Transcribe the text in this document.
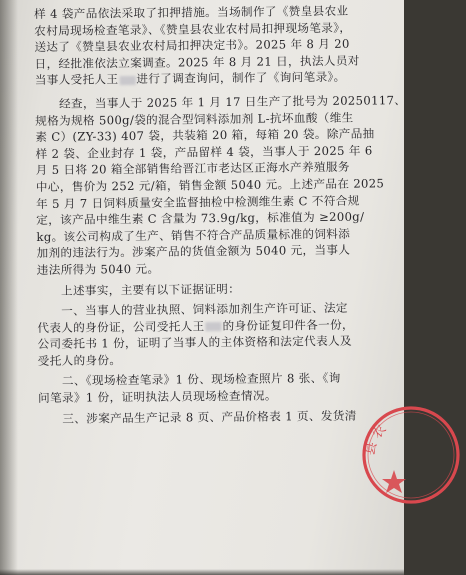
样 4 袋产品依法采取了扣押措施。当场制作了《赞皇县农业
农村局现场检查笔录》、《赞皇县农业农村局扣押现场笔录》，
送达了《赞皇县农业农村局扣押决定书》。2025 年 8 月 20
日，经批准依法立案调查。2025 年 8 月 21 日，执法人员对
当事人受托人王 进行了调查询问，制作了《询问笔录》。
经查，当事人于 2025 年 1 月 17 日生产了批号为 20250117、
规格为规格 500g/袋的混合型饲料添加剂 L-抗坏血酸（维生
素 C）(ZY-33) 407 袋，共装箱 20 箱，每箱 20 袋。除产品抽
样 2 袋、企业封存 1 袋，产品留样 4 袋，当事人于 2025 年 6
月 5 日将 20 箱全部销售给晋江市老达区正海水产养殖服务
中心，售价为 252 元/箱，销售金额 5040 元。上述产品在 2025
年 5 月 7 日饲料质量安全监督抽检中检测维生素 C 不符合规
定，该产品中维生素 C 含量为 73.9g/kg，标准值为 ≥200g/
kg。该公司构成了生产、销售不符合产品质量标准的饲料添
加剂的违法行为。涉案产品的货值金额为 5040 元，当事人
违法所得为 5040 元。
上述事实，主要有以下证据证明：
一、当事人的营业执照、饲料添加剂生产许可证、法定
代表人的身份证，公司受托人王 的身份证复印件各一份，
公司委托书 1 份，证明了当事人的主体资格和法定代表人及
受托人的身份。
二、《现场检查笔录》1 份、现场检查照片 8 张、《询
问笔录》1 份，证明执法人员现场检查情况。
三、涉案产品生产记录 8 页、产品价格表 1 页、发货清
县 农
